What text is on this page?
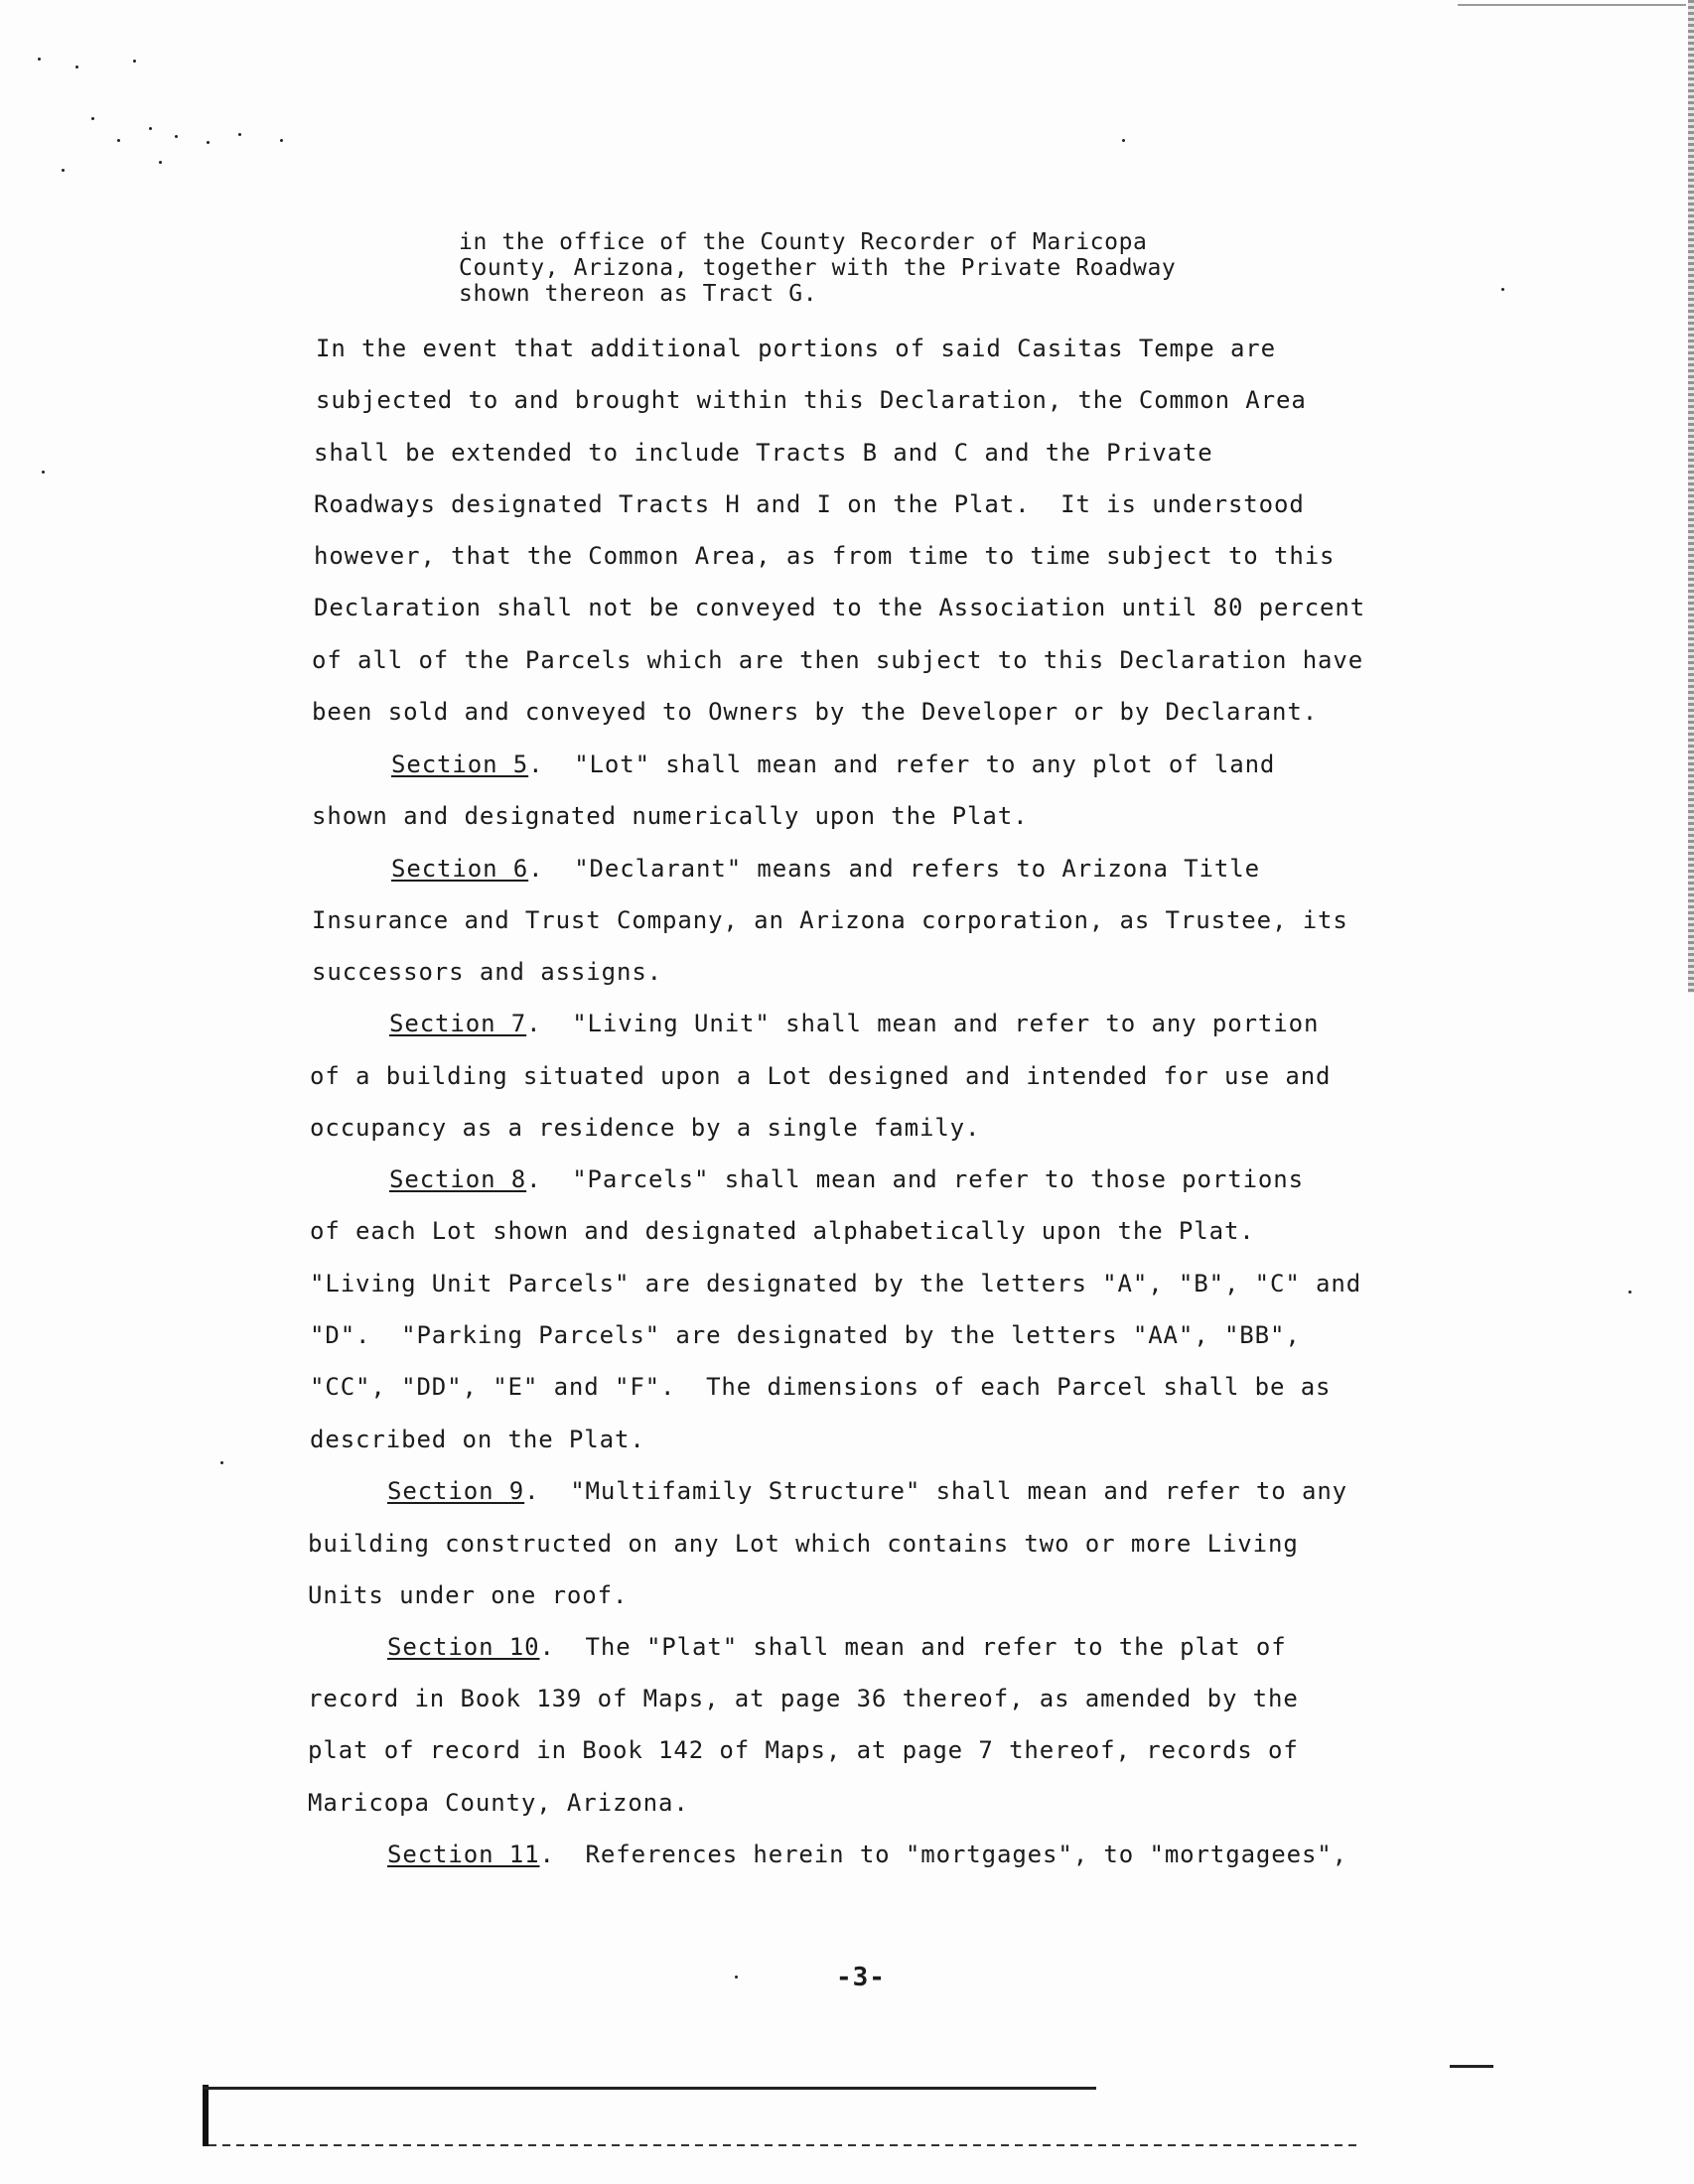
in the office of the County Recorder of Maricopa
County, Arizona, together with the Private Roadway
shown thereon as Tract G.
In the event that additional portions of said Casitas Tempe are
subjected to and brought within this Declaration, the Common Area
shall be extended to include Tracts B and C and the Private
Roadways designated Tracts H and I on the Plat.  It is understood
however, that the Common Area, as from time to time subject to this
Declaration shall not be conveyed to the Association until 80 percent
of all of the Parcels which are then subject to this Declaration have
been sold and conveyed to Owners by the Developer or by Declarant.
Section 5.  "Lot" shall mean and refer to any plot of land
shown and designated numerically upon the Plat.
Section 6.  "Declarant" means and refers to Arizona Title
Insurance and Trust Company, an Arizona corporation, as Trustee, its
successors and assigns.
Section 7.  "Living Unit" shall mean and refer to any portion
of a building situated upon a Lot designed and intended for use and
occupancy as a residence by a single family.
Section 8.  "Parcels" shall mean and refer to those portions
of each Lot shown and designated alphabetically upon the Plat.
"Living Unit Parcels" are designated by the letters "A", "B", "C" and
"D".  "Parking Parcels" are designated by the letters "AA", "BB",
"CC", "DD", "E" and "F".  The dimensions of each Parcel shall be as
described on the Plat.
Section 9.  "Multifamily Structure" shall mean and refer to any
building constructed on any Lot which contains two or more Living
Units under one roof.
Section 10.  The "Plat" shall mean and refer to the plat of
record in Book 139 of Maps, at page 36 thereof, as amended by the
plat of record in Book 142 of Maps, at page 7 thereof, records of
Maricopa County, Arizona.
Section 11.  References herein to "mortgages", to "mortgagees",
-3-
